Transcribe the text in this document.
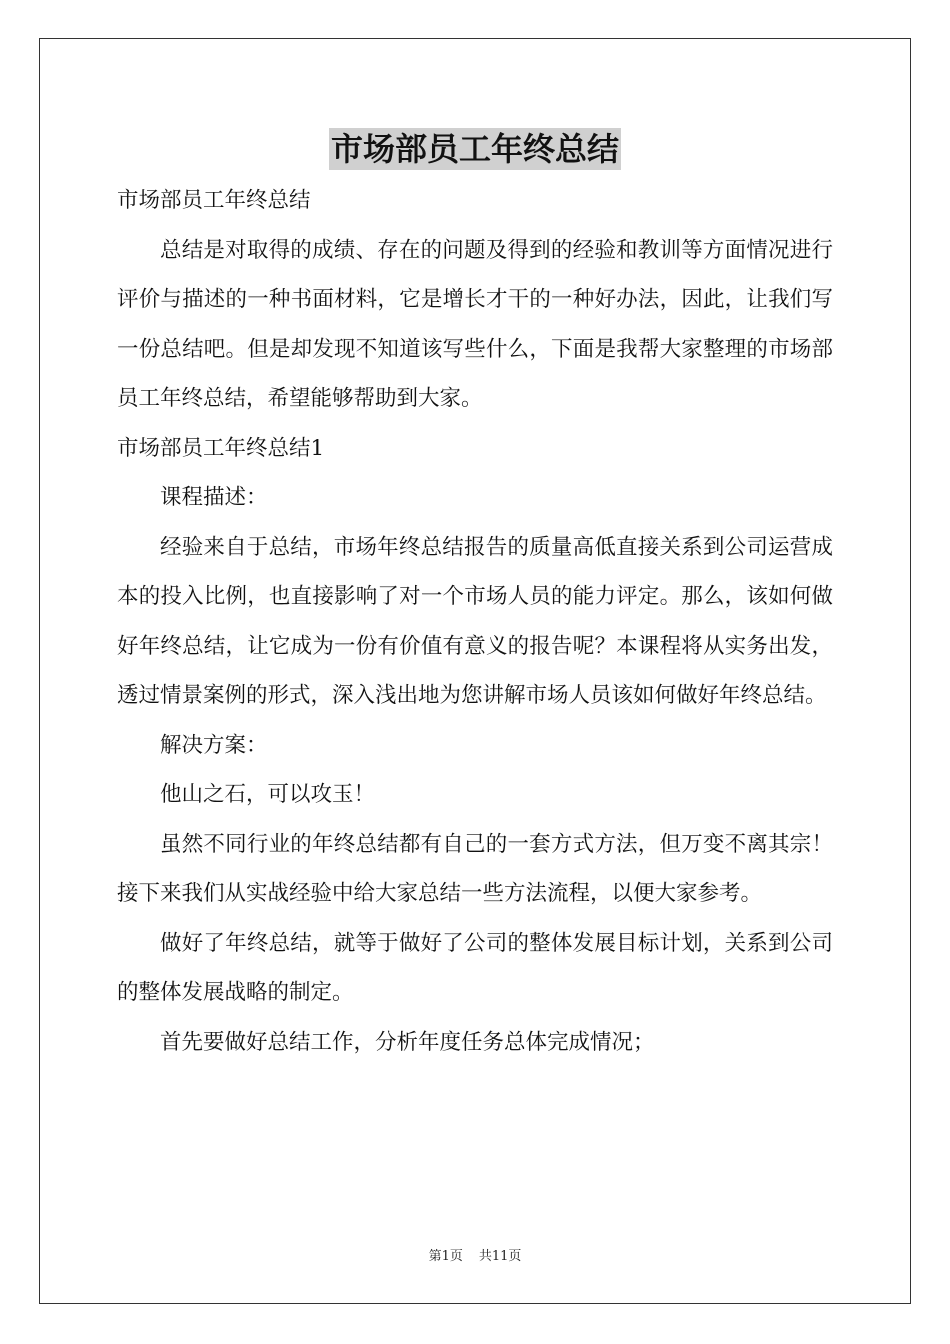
市场部员工年终总结

市场部员工年终总结

总结是对取得的成绩、存在的问题及得到的经验和教训等方面情况进行评价与描述的一种书面材料，它是增长才干的一种好办法，因此，让我们写一份总结吧。但是却发现不知道该写些什么，下面是我帮大家整理的市场部员工年终总结，希望能够帮助到大家。

市场部员工年终总结1

课程描述：

经验来自于总结，市场年终总结报告的质量高低直接关系到公司运营成本的投入比例，也直接影响了对一个市场人员的能力评定。那么，该如何做好年终总结，让它成为一份有价值有意义的报告呢？本课程将从实务出发，透过情景案例的形式，深入浅出地为您讲解市场人员该如何做好年终总结。

解决方案：

他山之石，可以攻玉！

虽然不同行业的年终总结都有自己的一套方式方法，但万变不离其宗！接下来我们从实战经验中给大家总结一些方法流程，以便大家参考。

做好了年终总结，就等于做好了公司的整体发展目标计划，关系到公司的整体发展战略的制定。

首先要做好总结工作，分析年度任务总体完成情况；

第1页 共11页
